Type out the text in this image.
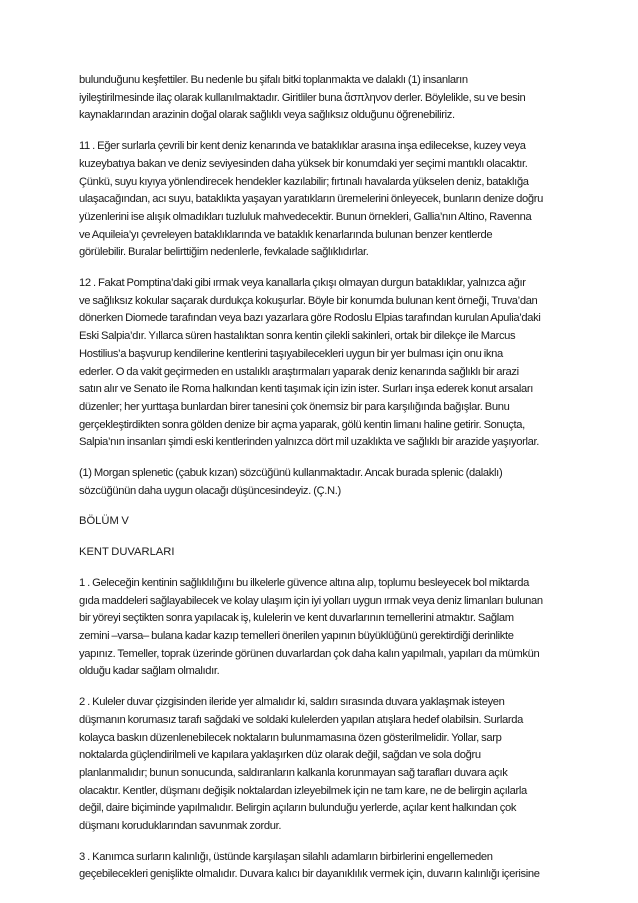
bulunduğunu keşfettiler. Bu nedenle bu şifalı bitki toplanmakta ve dalaklı (1) insanların
iyileştirilmesinde ilaç olarak kullanılmaktadır. Giritliler buna ἄσπληνον derler. Böylelikle, su ve besin
kaynaklarından arazinin doğal olarak sağlıklı veya sağlıksız olduğunu öğrenebiliriz.
11 . Eğer surlarla çevrili bir kent deniz kenarında ve bataklıklar arasına inşa edilecekse, kuzey veya
kuzeybatıya bakan ve deniz seviyesinden daha yüksek bir konumdaki yer seçimi mantıklı olacaktır.
Çünkü, suyu kıyıya yönlendirecek hendekler kazılabilir; fırtınalı havalarda yükselen deniz, bataklığa
ulaşacağından, acı suyu, bataklıkta yaşayan yaratıkların üremelerini önleyecek, bunların denize doğru
yüzenlerini ise alışık olmadıkları tuzluluk mahvedecektir. Bunun örnekleri, Gallia’nın Altino, Ravenna
ve Aquileia’yı çevreleyen bataklıklarında ve bataklık kenarlarında bulunan benzer kentlerde
görülebilir. Buralar belirttiğim nedenlerle, fevkalade sağlıklıdırlar.
12 . Fakat Pomptina’daki gibi ırmak veya kanallarla çıkışı olmayan durgun bataklıklar, yalnızca ağır
ve sağlıksız kokular saçarak durdukça kokuşurlar. Böyle bir konumda bulunan kent örneği, Truva’dan
dönerken Diomede tarafından veya bazı yazarlara göre Rodoslu Elpias tarafından kurulan Apulia’daki
Eski Salpia’dır. Yıllarca süren hastalıktan sonra kentin çilekli sakinleri, ortak bir dilekçe ile Marcus
Hostilius’a başvurup kendilerine kentlerini taşıyabilecekleri uygun bir yer bulması için onu ikna
ederler. O da vakit geçirmeden en ustalıklı araştırmaları yaparak deniz kenarında sağlıklı bir arazi
satın alır ve Senato ile Roma halkından kenti taşımak için izin ister. Surları inşa ederek konut arsaları
düzenler; her yurttaşa bunlardan birer tanesini çok önemsiz bir para karşılığında bağışlar. Bunu
gerçekleştirdikten sonra gölden denize bir açma yaparak, gölü kentin limanı haline getirir. Sonuçta,
Salpia’nın insanları şimdi eski kentlerinden yalnızca dört mil uzaklıkta ve sağlıklı bir arazide yaşıyorlar.
(1) Morgan splenetic (çabuk kızan) sözcüğünü kullanmaktadır. Ancak burada splenic (dalaklı)
sözcüğünün daha uygun olacağı düşüncesindeyiz. (Ç.N.)
BÖLÜM V
KENT DUVARLARI
1 . Geleceğin kentinin sağlıklılığını bu ilkelerle güvence altına alıp, toplumu besleyecek bol miktarda
gıda maddeleri sağlayabilecek ve kolay ulaşım için iyi yolları uygun ırmak veya deniz limanları bulunan
bir yöreyi seçtikten sonra yapılacak iş, kulelerin ve kent duvarlarının temellerini atmaktır. Sağlam
zemini –varsa– bulana kadar kazıp temelleri önerilen yapının büyüklüğünü gerektirdiği derinlikte
yapınız. Temeller, toprak üzerinde görünen duvarlardan çok daha kalın yapılmalı, yapıları da mümkün
olduğu kadar sağlam olmalıdır.
2 . Kuleler duvar çizgisinden ileride yer almalıdır ki, saldırı sırasında duvara yaklaşmak isteyen
düşmanın korumasız tarafı sağdaki ve soldaki kulelerden yapılan atışlara hedef olabilsin. Surlarda
kolayca baskın düzenlenebilecek noktaların bulunmamasına özen gösterilmelidir. Yollar, sarp
noktalarda güçlendirilmeli ve kapılara yaklaşırken düz olarak değil, sağdan ve sola doğru
planlanmalıdır; bunun sonucunda, saldıranların kalkanla korunmayan sağ tarafları duvara açık
olacaktır. Kentler, düşmanı değişik noktalardan izleyebilmek için ne tam kare, ne de belirgin açılarla
değil, daire biçiminde yapılmalıdır. Belirgin açıların bulunduğu yerlerde, açılar kent halkından çok
düşmanı koruduklarından savunmak zordur.
3 . Kanımca surların kalınlığı, üstünde karşılaşan silahlı adamların birbirlerini engellemeden
geçebilecekleri genişlikte olmalıdır. Duvara kalıcı bir dayanıklılık vermek için, duvarın kalınlığı içerisine
